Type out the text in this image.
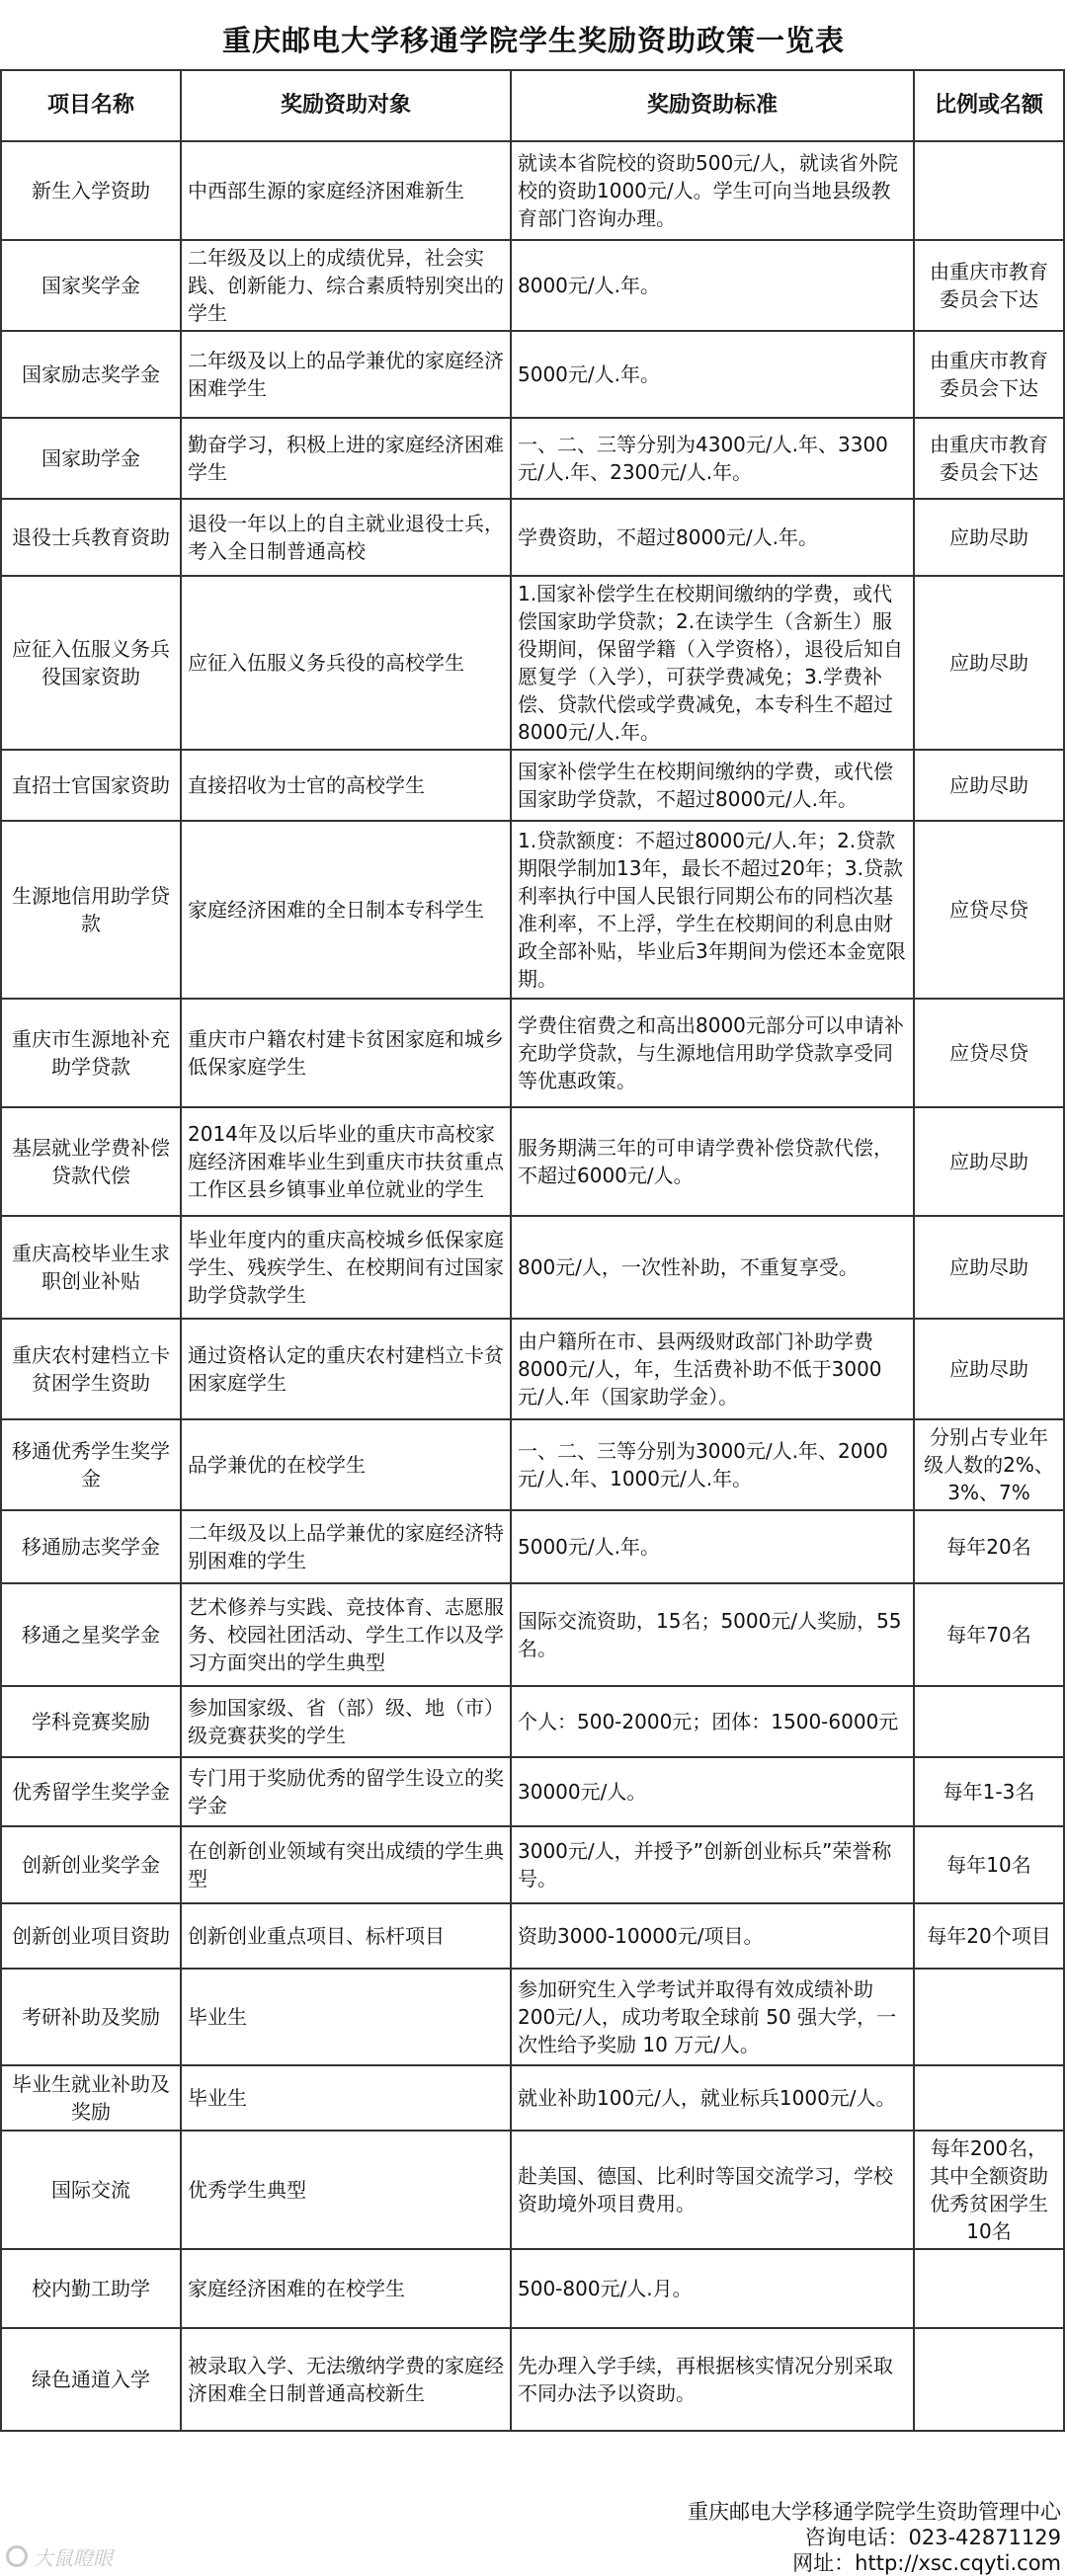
重庆邮电大学移通学院学生奖励资助政策一览表
项目名称	奖励资助对象	奖励资助标准	比例或名额
新生入学资助	中西部生源的家庭经济困难新生	就读本省院校的资助500元/人，就读省外院校的资助1000元/人。学生可向当地县级教育部门咨询办理。	
国家奖学金	二年级及以上的成绩优异，社会实践、创新能力、综合素质特别突出的学生	8000元/人.年。	由重庆市教育委员会下达
国家励志奖学金	二年级及以上的品学兼优的家庭经济困难学生	5000元/人.年。	由重庆市教育委员会下达
国家助学金	勤奋学习，积极上进的家庭经济困难学生	一、二、三等分别为4300元/人.年、3300元/人.年、2300元/人.年。	由重庆市教育委员会下达
退役士兵教育资助	退役一年以上的自主就业退役士兵，考入全日制普通高校	学费资助，不超过8000元/人.年。	应助尽助
应征入伍服义务兵役国家资助	应征入伍服义务兵役的高校学生	1.国家补偿学生在校期间缴纳的学费，或代偿国家助学贷款；2.在读学生（含新生）服役期间，保留学籍（入学资格），退役后知自愿复学（入学），可获学费减免；3.学费补偿、贷款代偿或学费减免，本专科生不超过8000元/人.年。	应助尽助
直招士官国家资助	直接招收为士官的高校学生	国家补偿学生在校期间缴纳的学费，或代偿国家助学贷款，不超过8000元/人.年。	应助尽助
生源地信用助学贷款	家庭经济困难的全日制本专科学生	1.贷款额度：不超过8000元/人.年；2.贷款期限学制加13年，最长不超过20年；3.贷款利率执行中国人民银行同期公布的同档次基准利率，不上浮，学生在校期间的利息由财政全部补贴，毕业后3年期间为偿还本金宽限期。	应贷尽贷
重庆市生源地补充助学贷款	重庆市户籍农村建卡贫困家庭和城乡低保家庭学生	学费住宿费之和高出8000元部分可以申请补充助学贷款，与生源地信用助学贷款享受同等优惠政策。	应贷尽贷
基层就业学费补偿贷款代偿	2014年及以后毕业的重庆市高校家庭经济困难毕业生到重庆市扶贫重点工作区县乡镇事业单位就业的学生	服务期满三年的可申请学费补偿贷款代偿，不超过6000元/人。	应助尽助
重庆高校毕业生求职创业补贴	毕业年度内的重庆高校城乡低保家庭学生、残疾学生、在校期间有过国家助学贷款学生	800元/人，一次性补助，不重复享受。	应助尽助
重庆农村建档立卡贫困学生资助	通过资格认定的重庆农村建档立卡贫困家庭学生	由户籍所在市、县两级财政部门补助学费8000元/人，年，生活费补助不低于3000元/人.年（国家助学金）。	应助尽助
移通优秀学生奖学金	品学兼优的在校学生	一、二、三等分别为3000元/人.年、2000元/人.年、1000元/人.年。	分别占专业年级人数的2%、3%、7%
移通励志奖学金	二年级及以上品学兼优的家庭经济特别困难的学生	5000元/人.年。	每年20名
移通之星奖学金	艺术修养与实践、竞技体育、志愿服务、校园社团活动、学生工作以及学习方面突出的学生典型	国际交流资助，15名；5000元/人奖励，55名。	每年70名
学科竞赛奖励	参加国家级、省（部）级、地（市）级竞赛获奖的学生	个人：500-2000元；团体：1500-6000元	
优秀留学生奖学金	专门用于奖励优秀的留学生设立的奖学金	30000元/人。	每年1-3名
创新创业奖学金	在创新创业领域有突出成绩的学生典型	3000元/人，并授予”创新创业标兵”荣誉称号。	每年10名
创新创业项目资助	创新创业重点项目、标杆项目	资助3000-10000元/项目。	每年20个项目
考研补助及奖励	毕业生	参加研究生入学考试并取得有效成绩补助200元/人，成功考取全球前 50 强大学，一次性给予奖励 10 万元/人。	
毕业生就业补助及奖励	毕业生	就业补助100元/人，就业标兵1000元/人。	
国际交流	优秀学生典型	赴美国、德国、比利时等国交流学习，学校资助境外项目费用。	每年200名，其中全额资助优秀贫困学生10名
校内勤工助学	家庭经济困难的在校学生	500-800元/人.月。	
绿色通道入学	被录取入学、无法缴纳学费的家庭经济困难全日制普通高校新生	先办理入学手续，再根据核实情况分别采取不同办法予以资助。	
重庆邮电大学移通学院学生资助管理中心
咨询电话：023-42871129
网址：http://xsc.cqyti.com
大鼠瞪眼
